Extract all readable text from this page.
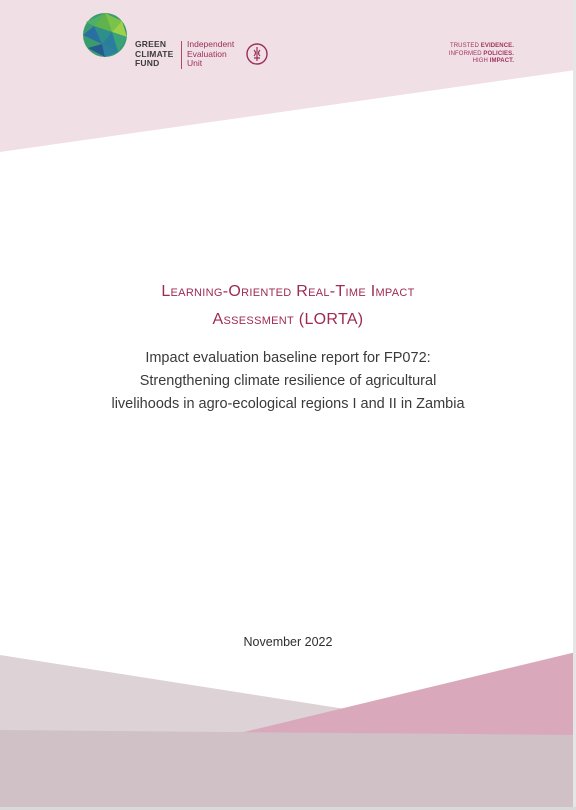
GREEN
CLIMATE
FUND
Independent
Evaluation
Unit
TRUSTED EVIDENCE.
INFORMED POLICIES.
HIGH IMPACT.
Learning-Oriented Real-Time Impact
Assessment (LORTA)
Impact evaluation baseline report for FP072:
Strengthening climate resilience of agricultural
livelihoods in agro-ecological regions I and II in Zambia
November 2022
